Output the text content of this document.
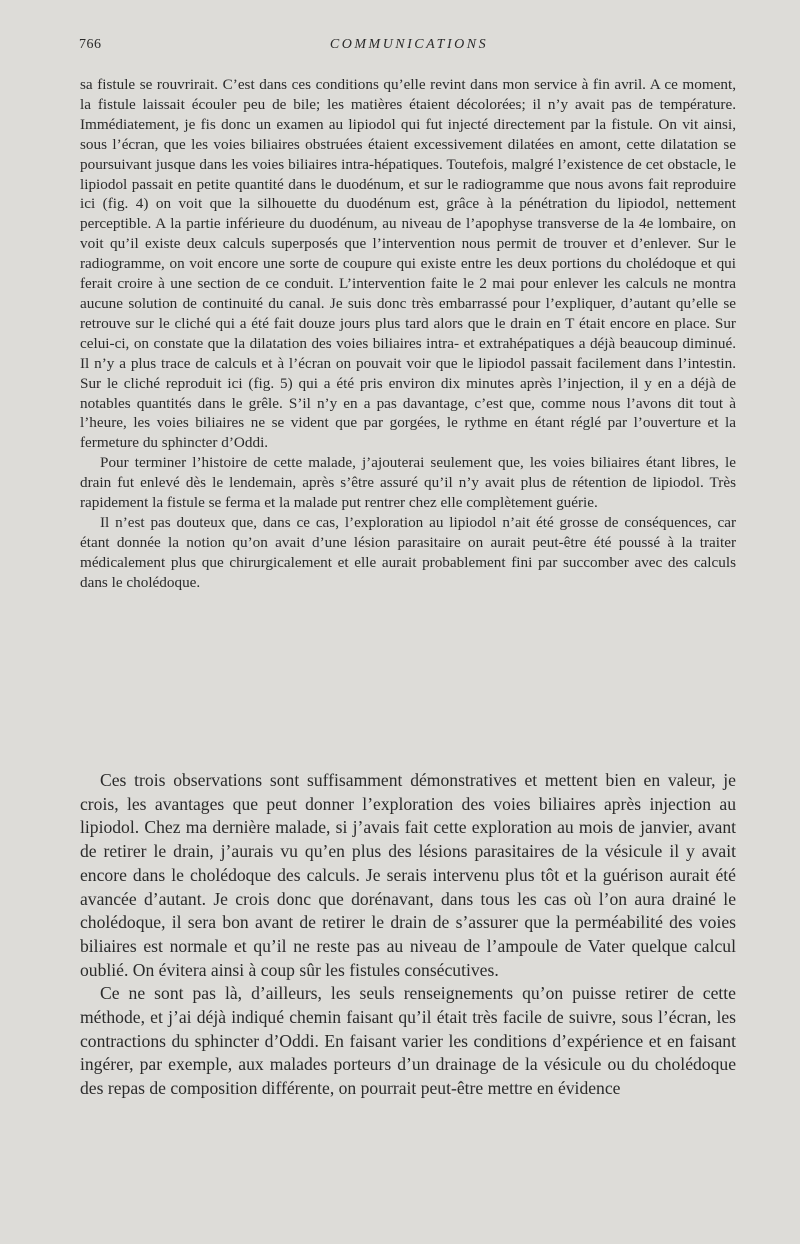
766	COMMUNICATIONS

sa fistule se rouvrirait. C’est dans ces conditions qu’elle revint dans mon service à fin avril. A ce moment, la fistule laissait écouler peu de bile; les matières étaient décolorées; il n’y avait pas de température. Immédiatement, je fis donc un examen au lipiodol qui fut injecté directement par la fistule. On vit ainsi, sous l’écran, que les voies biliaires obstruées étaient excessivement dilatées en amont, cette dilatation se poursuivant jusque dans les voies biliaires intra-hépatiques. Toutefois, malgré l’existence de cet obstacle, le lipiodol passait en petite quantité dans le duodénum, et sur le radiogramme que nous avons fait reproduire ici (fig. 4) on voit que la silhouette du duodénum est, grâce à la pénétration du lipiodol, nettement perceptible. A la partie inférieure du duodénum, au niveau de l’apophyse transverse de la 4e lombaire, on voit qu’il existe deux calculs superposés que l’intervention nous permit de trouver et d’enlever. Sur le radiogramme, on voit encore une sorte de coupure qui existe entre les deux portions du cholédoque et qui ferait croire à une section de ce conduit. L’intervention faite le 2 mai pour enlever les calculs ne montra aucune solution de continuité du canal. Je suis donc très embarrassé pour l’expliquer, d’autant qu’elle se retrouve sur le cliché qui a été fait douze jours plus tard alors que le drain en T était encore en place. Sur celui-ci, on constate que la dilatation des voies biliaires intra- et extrahépatiques a déjà beaucoup diminué. Il n’y a plus trace de calculs et à l’écran on pouvait voir que le lipiodol passait facilement dans l’intestin. Sur le cliché reproduit ici (fig. 5) qui a été pris environ dix minutes après l’injection, il y en a déjà de notables quantités dans le grêle. S’il n’y en a pas davantage, c’est que, comme nous l’avons dit tout à l’heure, les voies biliaires ne se vident que par gorgées, le rythme en étant réglé par l’ouverture et la fermeture du sphincter d’Oddi.

Pour terminer l’histoire de cette malade, j’ajouterai seulement que, les voies biliaires étant libres, le drain fut enlevé dès le lendemain, après s’être assuré qu’il n’y avait plus de rétention de lipiodol. Très rapidement la fistule se ferma et la malade put rentrer chez elle complètement guérie.

Il n’est pas douteux que, dans ce cas, l’exploration au lipiodol n’ait été grosse de conséquences, car étant donnée la notion qu’on avait d’une lésion parasitaire on aurait peut-être été poussé à la traiter médicalement plus que chirurgicalement et elle aurait probablement fini par succomber avec des calculs dans le cholédoque.

Ces trois observations sont suffisamment démonstratives et mettent bien en valeur, je crois, les avantages que peut donner l’exploration des voies biliaires après injection au lipiodol. Chez ma dernière malade, si j’avais fait cette exploration au mois de janvier, avant de retirer le drain, j’aurais vu qu’en plus des lésions parasitaires de la vésicule il y avait encore dans le cholédoque des calculs. Je serais intervenu plus tôt et la guérison aurait été avancée d’autant. Je crois donc que dorénavant, dans tous les cas où l’on aura drainé le cholédoque, il sera bon avant de retirer le drain de s’assurer que la perméabilité des voies biliaires est normale et qu’il ne reste pas au niveau de l’ampoule de Vater quelque calcul oublié. On évitera ainsi à coup sûr les fistules consécutives.

Ce ne sont pas là, d’ailleurs, les seuls renseignements qu’on puisse retirer de cette méthode, et j’ai déjà indiqué chemin faisant qu’il était très facile de suivre, sous l’écran, les contractions du sphincter d’Oddi. En faisant varier les conditions d’expérience et en faisant ingérer, par exemple, aux malades porteurs d’un drainage de la vésicule ou du cholédoque des repas de composition différente, on pourrait peut-être mettre en évidence
